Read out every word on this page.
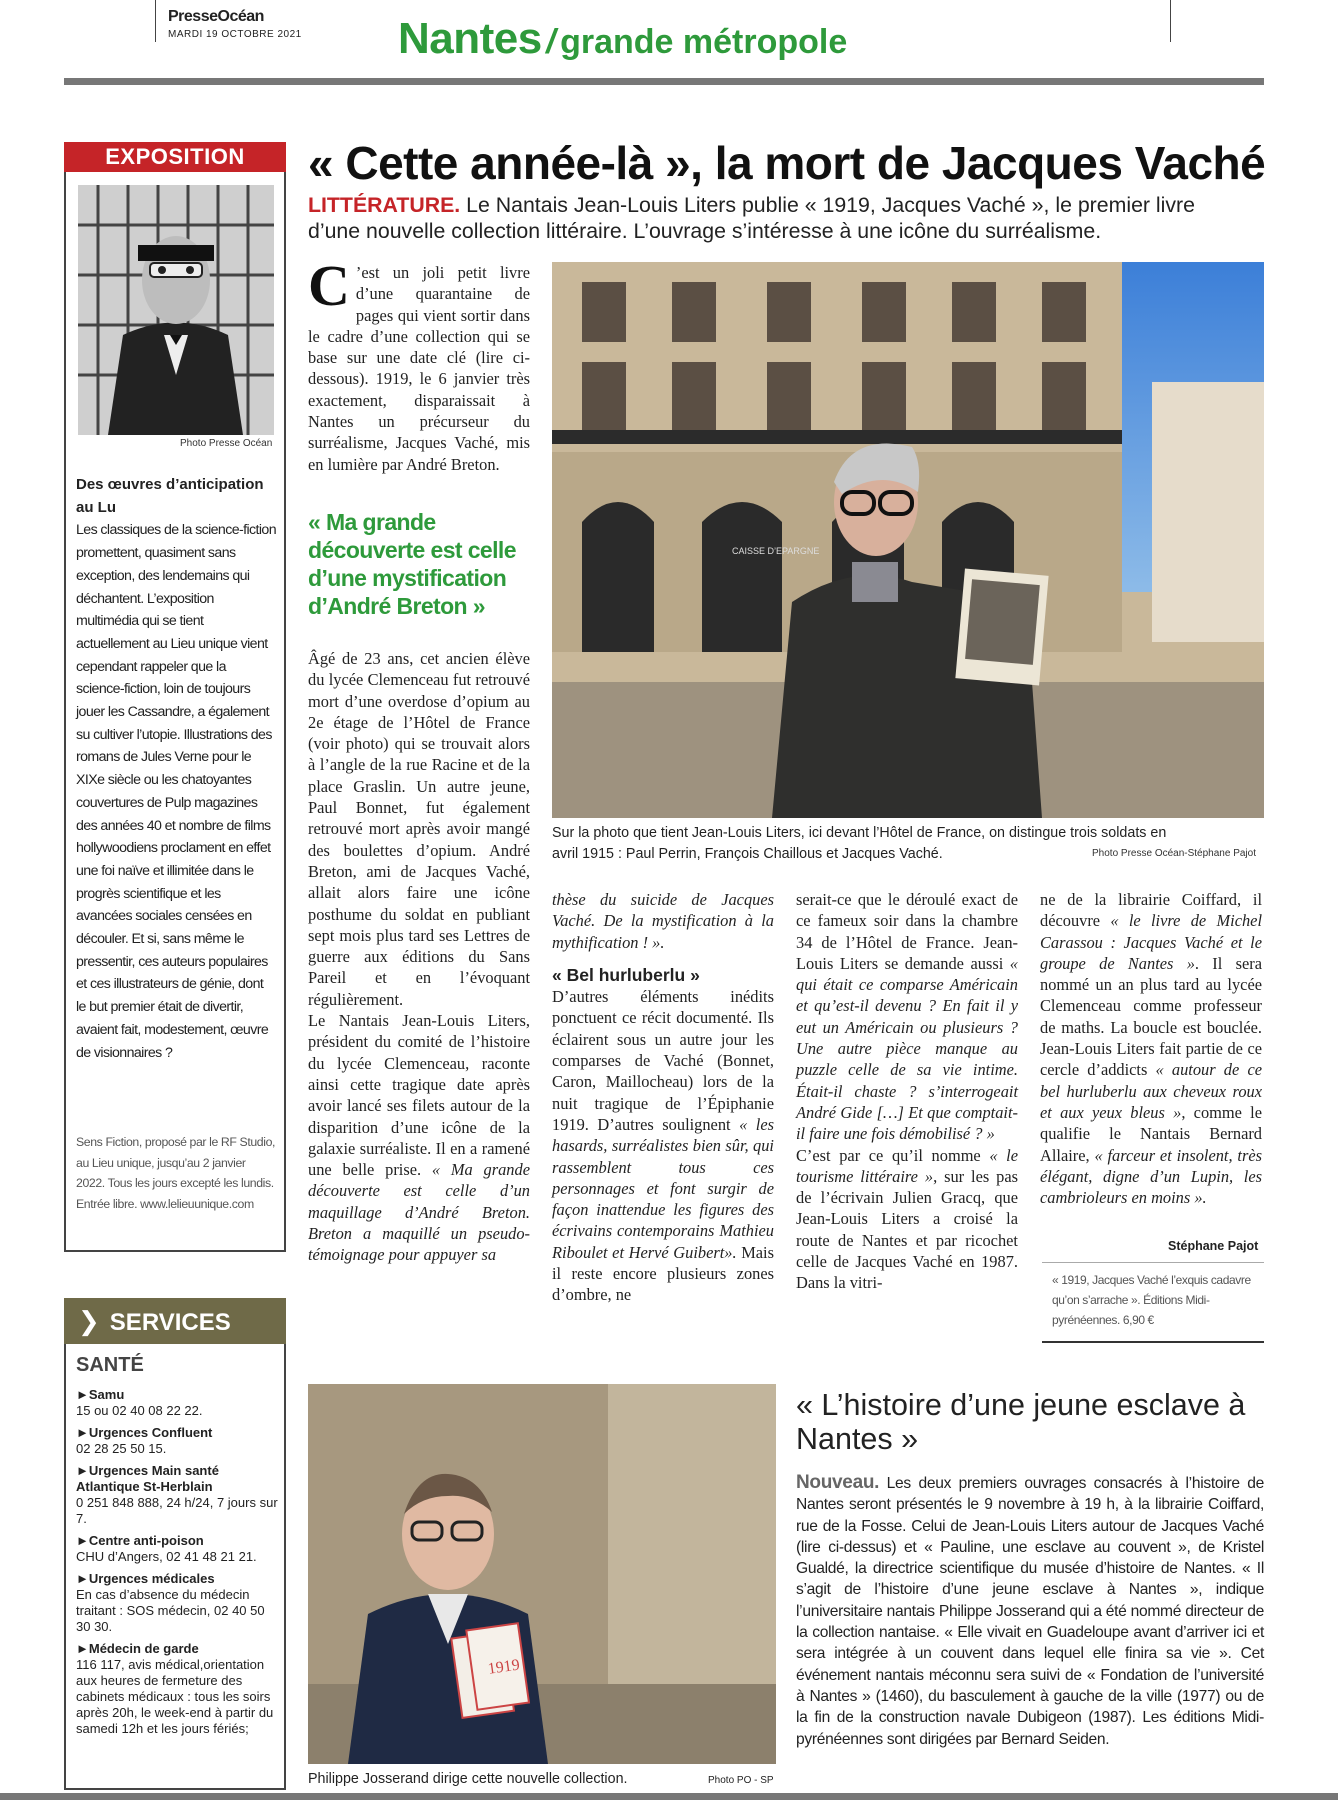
PresseOcéan
MARDI 19 OCTOBRE 2021 Nantes / grande métropole
EXPOSITION
Photo Presse Océan

Des œuvres d’anticipation au Lu

Les classiques de la science-fiction promettent, quasiment sans exception, des lendemains qui déchantent. L’exposition multimédia qui se tient actuellement au Lieu unique vient cependant rappeler que la science-fiction, loin de toujours jouer les Cassandre, a également su cultiver l’utopie. Illustrations des romans de Jules Verne pour le XIXe siècle ou les chatoyantes couvertures de Pulp magazines des années 40 et nombre de films hollywoodiens proclament en effet une foi naïve et illimitée dans le progrès scientifique et les avancées sociales censées en découler. Et si, sans même le pressentir, ces auteurs populaires et ces illustrateurs de génie, dont le but premier était de divertir, avaient fait, modestement, œuvre de visionnaires ?

Sens Fiction, proposé par le RF Studio, au Lieu unique, jusqu’au 2 janvier 2022. Tous les jours excepté les lundis. Entrée libre. www.lelieuunique.com
❯ SERVICES
SANTÉ
►Samu
15 ou 02 40 08 22 22.
►Urgences Confluent
02 28 25 50 15.
►Urgences Main santé Atlantique St-Herblain
0 251 848 888, 24 h/24, 7 jours sur 7.
►Centre anti-poison
CHU d’Angers, 02 41 48 21 21.
►Urgences médicales
En cas d’absence du médecin traitant : SOS médecin, 02 40 50 30 30.
►Médecin de garde
116 117, avis médical,orientation aux heures de fermeture des cabinets médicaux : tous les soirs après 20h, le week-end à partir du samedi 12h et les jours fériés;
« Cette année-là », la mort de Jacques Vaché
LITTÉRATURE. Le Nantais Jean-Louis Liters publie « 1919, Jacques Vaché », le premier livre d’une nouvelle collection littéraire. L’ouvrage s’intéresse à une icône du surréalisme.
C ’est un joli petit livre d’une quarantaine de pages qui vient sortir dans le cadre d’une collection qui se base sur une date clé (lire ci-dessous). 1919, le 6 janvier très exactement, disparaissait à Nantes un précurseur du surréalisme, Jacques Vaché, mis en lumière par André Breton.
« Ma grande découverte est celle d’une mystification d’André Breton »

Âgé de 23 ans, cet ancien élève du lycée Clemenceau fut retrouvé mort d’une overdose d’opium au 2e étage de l’Hôtel de France (voir photo) qui se trouvait alors à l’angle de la rue Racine et de la place Graslin. Un autre jeune, Paul Bonnet, fut également retrouvé mort après avoir mangé des boulettes d’opium. André Breton, ami de Jacques Vaché, allait alors faire une icône posthume du soldat en publiant sept mois plus tard ses Lettres de guerre aux éditions du Sans Pareil et en l’évoquant régulièrement.

Le Nantais Jean-Louis Liters, président du comité de l’histoire du lycée Clemenceau, raconte ainsi cette tragique date après avoir lancé ses filets autour de la disparition d’une icône de la galaxie surréaliste. Il en a ramené une belle prise. « Ma grande découverte est celle d’un maquillage d’André Breton. Breton a maquillé un pseudo-témoignage pour appuyer sa

CAISSE D’EPARGNE
Sur la photo que tient Jean-Louis Liters, ici devant l’Hôtel de France, on distingue trois soldats en avril 1915 : Paul Perrin, François Chaillous et Jacques Vaché.	Photo Presse Océan-Stéphane Pajot

thèse du suicide de Jacques Vaché. De la mystification à la mythification ! ».

« Bel hurluberlu »

D’autres éléments inédits ponctuent ce récit documenté. Ils éclairent sous un autre jour les comparses de Vaché (Bonnet, Caron, Maillocheau) lors de la nuit tragique de l’Épiphanie 1919. D’autres soulignent « les hasards, surréalistes bien sûr, qui rassemblent tous ces personnages et font surgir de façon inattendue les figures des écrivains contemporains Mathieu Riboulet et Hervé Guibert». Mais il reste encore plusieurs zones d’ombre, ne

serait-ce que le déroulé exact de ce fameux soir dans la chambre 34 de l’Hôtel de France. Jean-Louis Liters se demande aussi « qui était ce comparse Américain et qu’est-il devenu ? En fait il y eut un Américain ou plusieurs ? Une autre pièce manque au puzzle celle de sa vie intime. Était-il chaste ? s’interrogeait André Gide […] Et que comptait-il faire une fois démobilisé ? »

C’est par ce qu’il nomme « le tourisme littéraire », sur les pas de l’écrivain Julien Gracq, que Jean-Louis Liters a croisé la route de Nantes et par ricochet celle de Jacques Vaché en 1987. Dans la vitri-

ne de la librairie Coiffard, il découvre « le livre de Michel Carassou : Jacques Vaché et le groupe de Nantes ». Il sera nommé un an plus tard au lycée Clemenceau comme professeur de maths. La boucle est bouclée. Jean-Louis Liters fait partie de ce cercle d’addicts « autour de ce bel hurluberlu aux cheveux roux et aux yeux bleus », comme le qualifie le Nantais Bernard Allaire, « farceur et insolent, très élégant, digne d’un Lupin, les cambrioleurs en moins ».

Stéphane Pajot
« 1919, Jacques Vaché l’exquis cadavre qu’on s’arrache ». Éditions Midi-pyrénéennes. 6,90 €
1919
Philippe Josserand dirige cette nouvelle collection.	Photo PO - SP
« L’histoire d’une jeune esclave à Nantes »
Nouveau. Les deux premiers ouvrages consacrés à l’histoire de Nantes seront présentés le 9 novembre à 19 h, à la librairie Coiffard, rue de la Fosse. Celui de Jean-Louis Liters autour de Jacques Vaché (lire ci-dessus) et « Pauline, une esclave au couvent », de Kristel Gualdé, la directrice scientifique du musée d’histoire de Nantes. « Il s’agit de l’histoire d’une jeune esclave à Nantes », indique l’universitaire nantais Philippe Josserand qui a été nommé directeur de la collection nantaise. « Elle vivait en Guadeloupe avant d’arriver ici et sera intégrée à un couvent dans lequel elle finira sa vie ». Cet événement nantais méconnu sera suivi de « Fondation de l’université à Nantes » (1460), du basculement à gauche de la ville (1977) ou de la fin de la construction navale Dubigeon (1987). Les éditions Midi-pyrénéennes sont dirigées par Bernard Seiden.
